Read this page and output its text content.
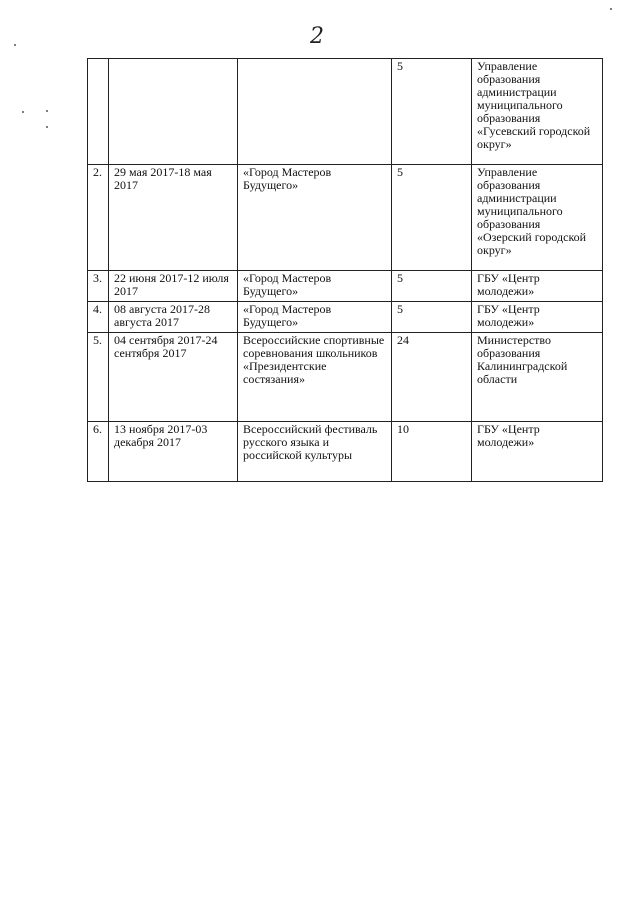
2
			5	Управление образования администрации муниципального образования «Гусевский городской округ»
2.	29 мая 2017-18 мая 2017	«Город Мастеров Будущего»	5	Управление образования администрации муниципального образования «Озерский городской округ»
3.	22 июня 2017-12 июля 2017	«Город Мастеров Будущего»	5	ГБУ «Центр молодежи»
4.	08 августа 2017-28 августа 2017	«Город Мастеров Будущего»	5	ГБУ «Центр молодежи»
5.	04 сентября 2017-24 сентября 2017	Всероссийские спортивные соревнования школьников «Президентские состязания»	24	Министерство образования Калининградской области
6.	13 ноября 2017-03 декабря 2017	Всероссийский фестиваль русского языка и российской культуры	10	ГБУ «Центр молодежи»
